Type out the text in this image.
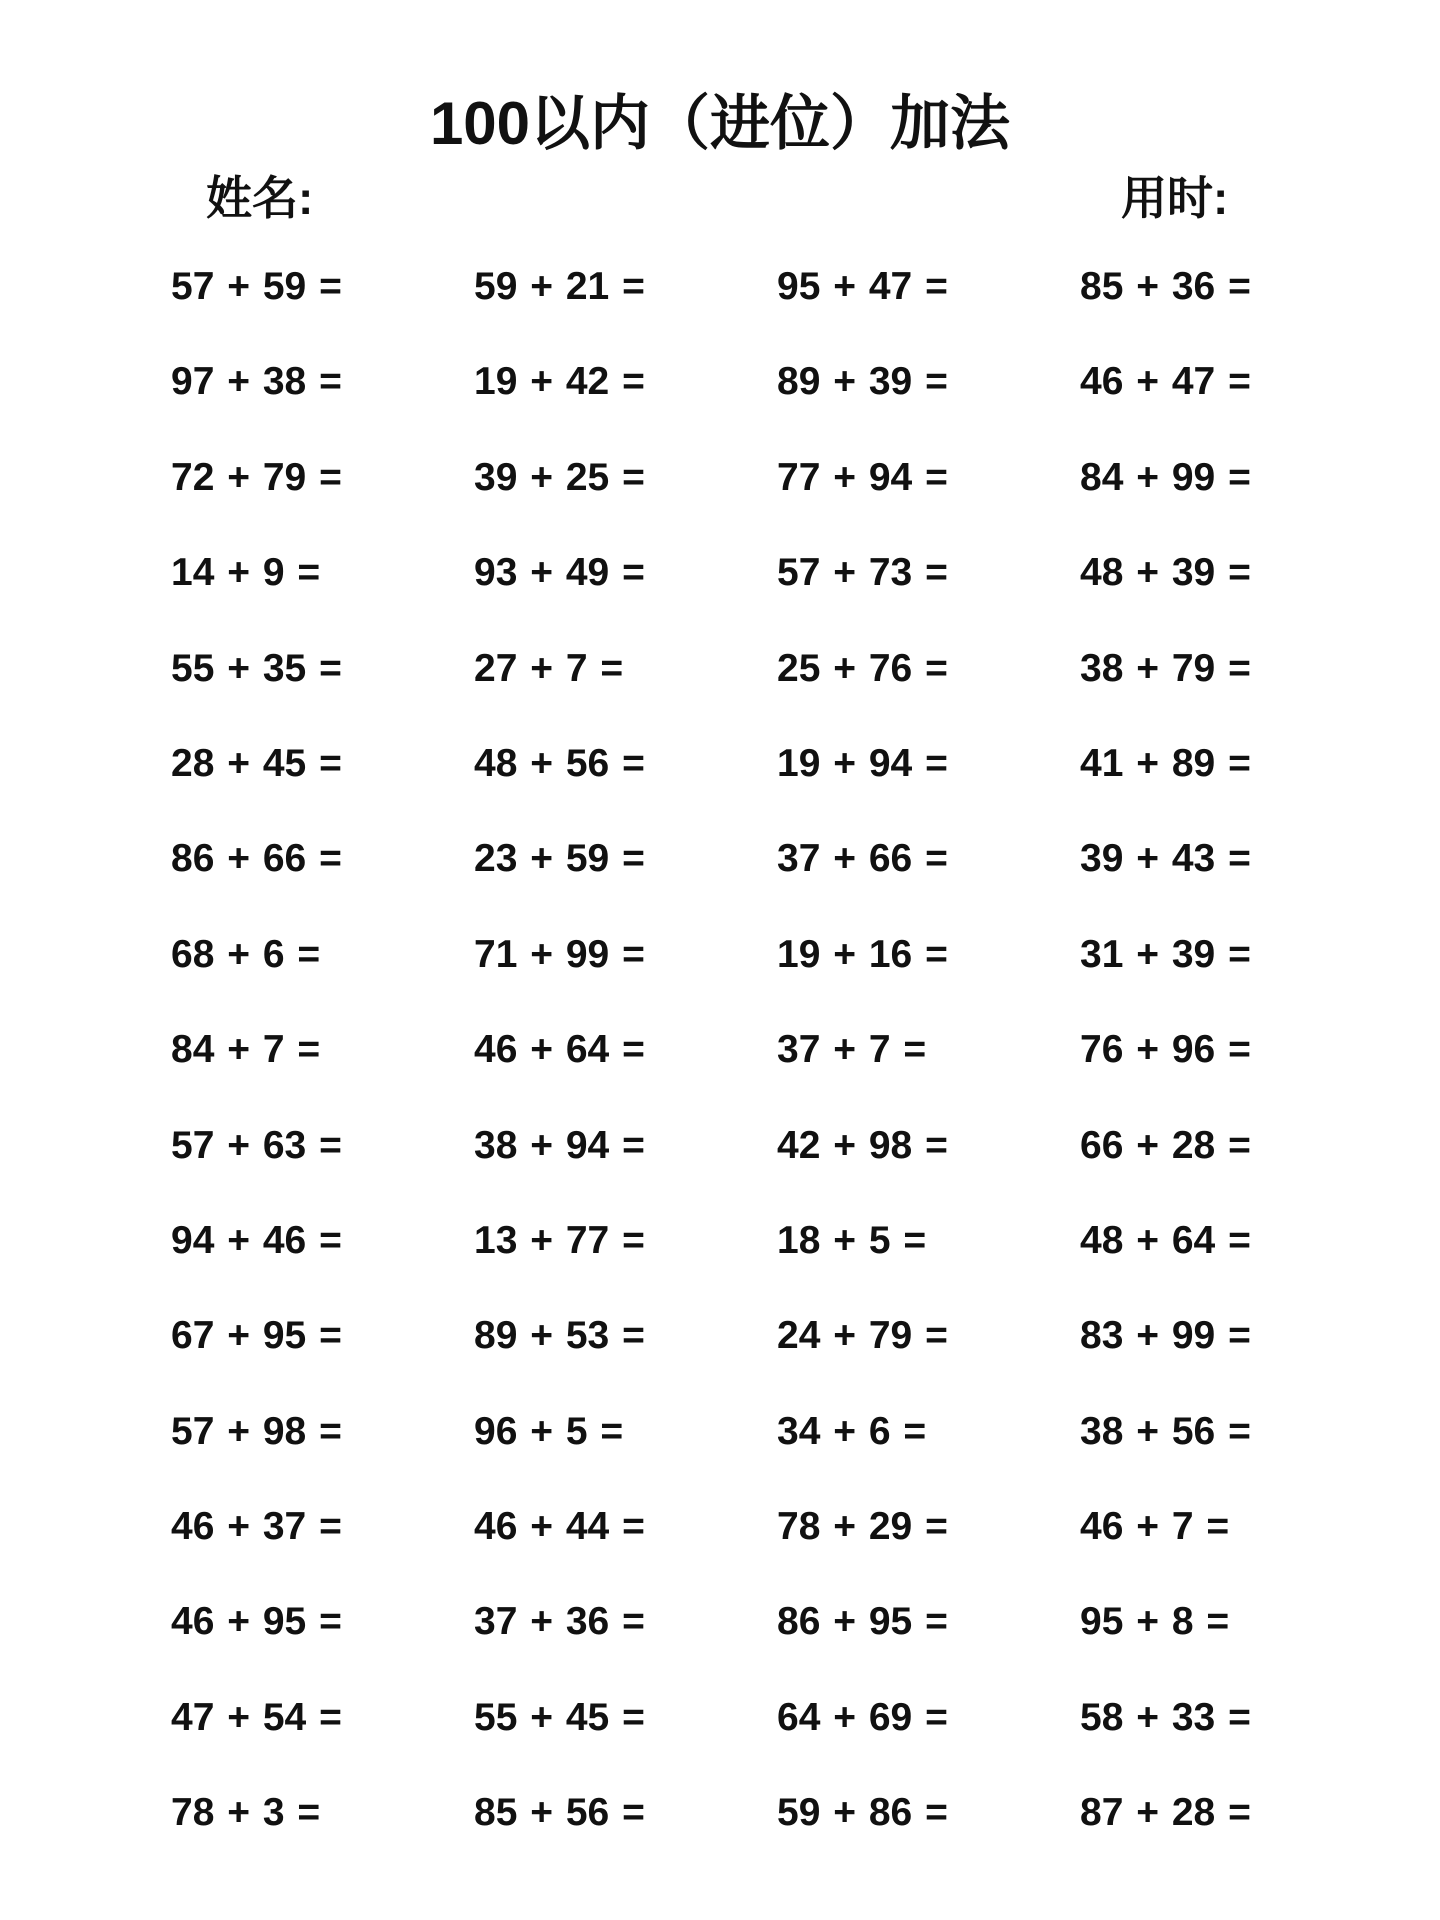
100以内（进位）加法
姓名:	用时:
57 + 59 =	59 + 21 =	95 + 47 =	85 + 36 =
97 + 38 =	19 + 42 =	89 + 39 =	46 + 47 =
72 + 79 =	39 + 25 =	77 + 94 =	84 + 99 =
14 + 9 =	93 + 49 =	57 + 73 =	48 + 39 =
55 + 35 =	27 + 7 =	25 + 76 =	38 + 79 =
28 + 45 =	48 + 56 =	19 + 94 =	41 + 89 =
86 + 66 =	23 + 59 =	37 + 66 =	39 + 43 =
68 + 6 =	71 + 99 =	19 + 16 =	31 + 39 =
84 + 7 =	46 + 64 =	37 + 7 =	76 + 96 =
57 + 63 =	38 + 94 =	42 + 98 =	66 + 28 =
94 + 46 =	13 + 77 =	18 + 5 =	48 + 64 =
67 + 95 =	89 + 53 =	24 + 79 =	83 + 99 =
57 + 98 =	96 + 5 =	34 + 6 =	38 + 56 =
46 + 37 =	46 + 44 =	78 + 29 =	46 + 7 =
46 + 95 =	37 + 36 =	86 + 95 =	95 + 8 =
47 + 54 =	55 + 45 =	64 + 69 =	58 + 33 =
78 + 3 =	85 + 56 =	59 + 86 =	87 + 28 =
